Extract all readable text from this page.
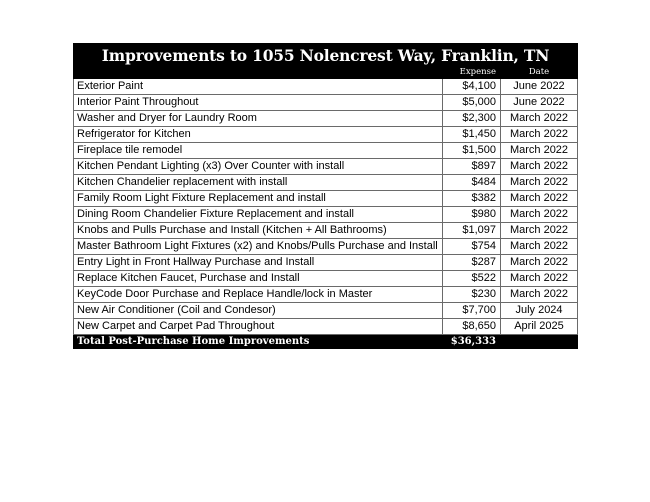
Improvements to 1055 Nolencrest Way, Franklin, TN		
	Expense	Date
Exterior Paint	$4,100	June 2022
Interior Paint Throughout	$5,000	June 2022
Washer and Dryer for Laundry Room	$2,300	March 2022
Refrigerator for Kitchen	$1,450	March 2022
Fireplace tile remodel	$1,500	March 2022
Kitchen Pendant Lighting (x3) Over Counter with install	$897	March 2022
Kitchen Chandelier replacement with install	$484	March 2022
Family Room Light Fixture Replacement and install	$382	March 2022
Dining Room Chandelier Fixture Replacement and install	$980	March 2022
Knobs and Pulls Purchase and Install (Kitchen + All Bathrooms)	$1,097	March 2022
Master Bathroom Light Fixtures (x2) and Knobs/Pulls Purchase and Install	$754	March 2022
Entry Light in Front Hallway Purchase and Install	$287	March 2022
Replace Kitchen Faucet, Purchase and Install	$522	March 2022
KeyCode Door Purchase and Replace Handle/lock in Master	$230	March 2022
New Air Conditioner (Coil and Condesor)	$7,700	July 2024
New Carpet and Carpet Pad Throughout	$8,650	April 2025
Total Post-Purchase Home Improvements	$36,333	
